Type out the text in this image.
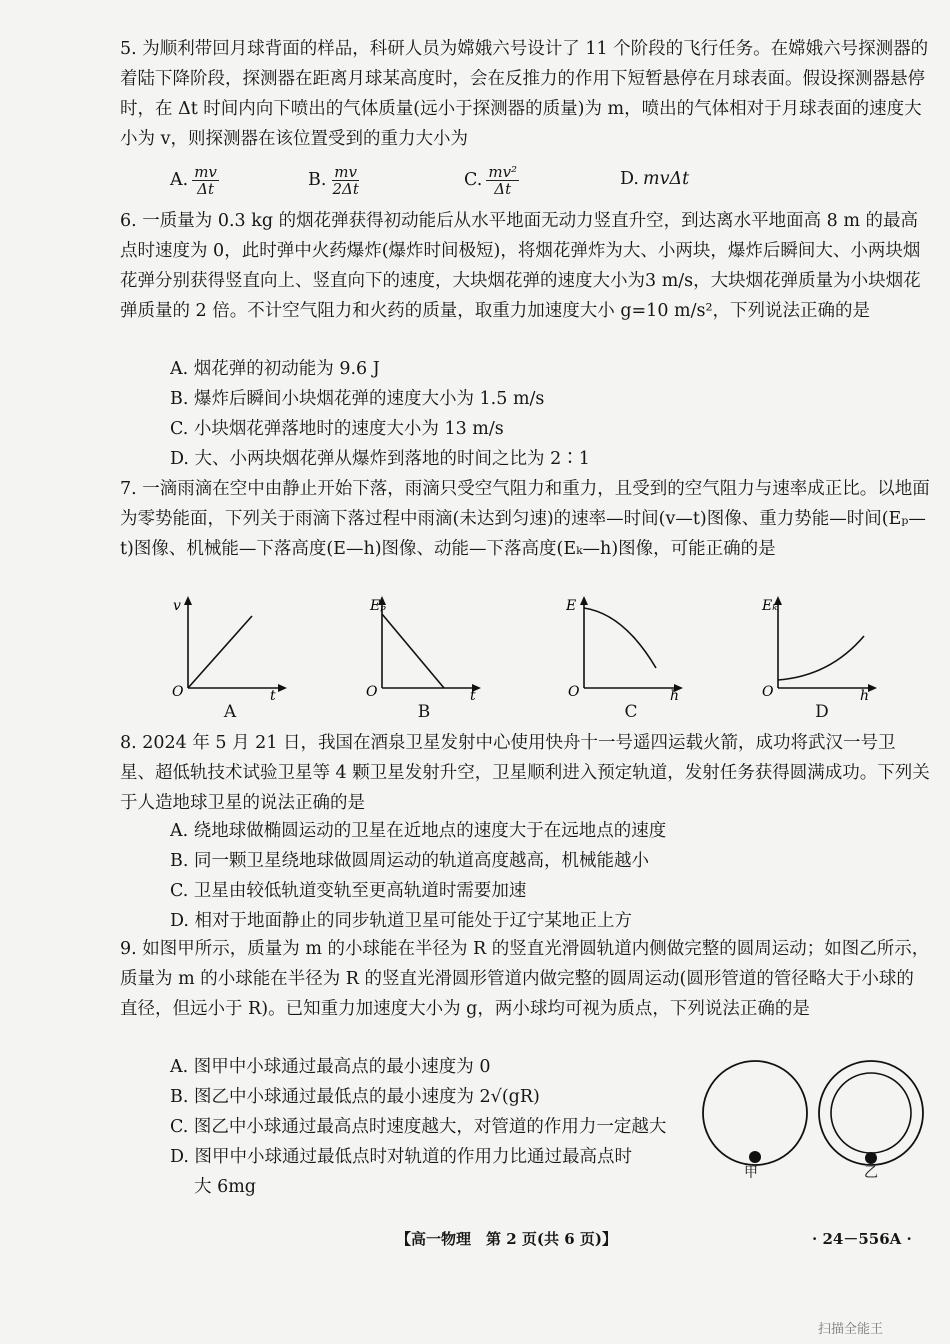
5. 为顺利带回月球背面的样品，科研人员为嫦娥六号设计了 11 个阶段的飞行任务。在嫦娥六号探测器的着陆下降阶段，探测器在距离月球某高度时，会在反推力的作用下短暂悬停在月球表面。假设探测器悬停时，在 Δt 时间内向下喷出的气体质量(远小于探测器的质量)为 m，喷出的气体相对于月球表面的速度大小为 v，则探测器在该位置受到的重力大小为

A. $\frac{mv}{\Delta t}$	B. $\frac{mv}{2\Delta t}$	C. $\frac{\text{mv²}}{\Delta t}$	D. mvΔt

6. 一质量为 0.3 kg 的烟花弹获得初动能后从水平地面无动力竖直升空，到达离水平地面高 8 m 的最高点时速度为 0，此时弹中火药爆炸(爆炸时间极短)，将烟花弹炸为大、小两块，爆炸后瞬间大、小两块烟花弹分别获得竖直向上、竖直向下的速度，大块烟花弹的速度大小为3 m/s，大块烟花弹质量为小块烟花弹质量的 2 倍。不计空气阻力和火药的质量，取重力加速度大小 g=10 m/s²，下列说法正确的是

A. 烟花弹的初动能为 9.6 J
B. 爆炸后瞬间小块烟花弹的速度大小为 1.5 m/s
C. 小块烟花弹落地时的速度大小为 13 m/s
D. 大、小两块烟花弹从爆炸到落地的时间之比为 2∶1

7. 一滴雨滴在空中由静止开始下落，雨滴只受空气阻力和重力，且受到的空气阻力与速率成正比。以地面为零势能面，下列关于雨滴下落过程中雨滴(未达到匀速)的速率—时间(v—t)图像、重力势能—时间(Eₚ—t)图像、机械能—下落高度(E—h)图像、动能—下落高度(Eₖ—h)图像，可能正确的是

v
O	t
A
Eₚ
O	t
B
E
O	h
C
Eₖ
O	h
D

8. 2024 年 5 月 21 日，我国在酒泉卫星发射中心使用快舟十一号遥四运载火箭，成功将武汉一号卫星、超低轨技术试验卫星等 4 颗卫星发射升空，卫星顺利进入预定轨道，发射任务获得圆满成功。下列关于人造地球卫星的说法正确的是

A. 绕地球做椭圆运动的卫星在近地点的速度大于在远地点的速度
B. 同一颗卫星绕地球做圆周运动的轨道高度越高，机械能越小
C. 卫星由较低轨道变轨至更高轨道时需要加速
D. 相对于地面静止的同步轨道卫星可能处于辽宁某地正上方

9. 如图甲所示，质量为 m 的小球能在半径为 R 的竖直光滑圆轨道内侧做完整的圆周运动；如图乙所示，质量为 m 的小球能在半径为 R 的竖直光滑圆形管道内做完整的圆周运动(圆形管道的管径略大于小球的直径，但远小于 R)。已知重力加速度大小为 g，两小球均可视为质点，下列说法正确的是

A. 图甲中小球通过最高点的最小速度为 0
B. 图乙中小球通过最低点的最小速度为 2√(gR)
C. 图乙中小球通过最高点时速度越大，对管道的作用力一定越大
D. 图甲中小球通过最低点时对轨道的作用力比通过最高点时
大 6mg
甲	乙
【高一物理　第 2 页(共 6 页)】	· 24－556A ·
扫描全能王
